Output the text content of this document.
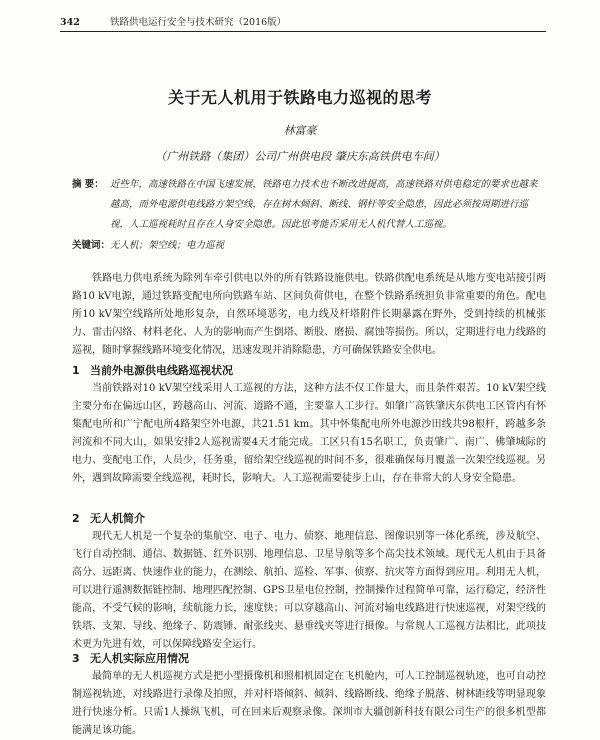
342	铁路供电运行安全与技术研究（2016版）
关于无人机用于铁路电力巡视的思考
林富豪
（广州铁路（集团）公司广州供电段 肇庆东高铁供电车间）
摘 要： 近些年，高速铁路在中国飞速发展，铁路电力技术也不断改进提高，高速铁路对供电稳定的要求也越来越高，而外电源供电线路方架空线，存在树木倾斜、断线、钢杆等安全隐患，因此必须按周期进行巡视，人工巡视耗时且存在人身安全隐患。因此思考能否采用无人机代替人工巡视。
关键词：无人机；架空线；电力巡视
铁路电力供电系统为除列车牵引供电以外的所有铁路设施供电。铁路供配电系统是从地方变电站接引两路10 kV电源，通过铁路变配电所向铁路车站、区间负荷供电，在整个铁路系统担负非常重要的角色。配电所10 kV架空线路所处地形复杂，自然环境恶劣，电力线及杆塔附件长期暴露在野外，受到持续的机械张力、雷击闪络、材料老化、人为的影响而产生倒塔、断股、磨损、腐蚀等损伤。所以，定期进行电力线路的巡视，随时掌握线路环境变化情况，迅速发现并消除隐患，方可确保铁路安全供电。
1 当前外电源供电线路巡视状况
当前铁路对10 kV架空线采用人工巡视的方法，这种方法不仅工作量大，而且条件艰苦。10 kV架空线主要分布在偏远山区，跨越高山、河流、道路不通，主要靠人工步行。如肇广高铁肇庆东供电工区管内有怀集配电所和广宁配电所4路架空外电源，共21.51 km。其中怀集配电所外电源沙田线共98根杆，跨越多条河流和不同大山，如果安排2人巡视需要4天才能完成。工区只有15名职工，负责肇广、南广、佛肇城际的电力、变配电工作，人员少，任务重，留给架空线巡视的时间不多，很难确保每月覆盖一次架空线巡视。另外，遇到故障需要全线巡视，耗时长，影响大。人工巡视需要徒步上山，存在非常大的人身安全隐患。
2 无人机简介
现代无人机是一个复杂的集航空、电子、电力、侦察、地理信息、图像识别等一体化系统，涉及航空、飞行自动控制、通信、数据链、红外识别、地理信息、卫星导航等多个高尖技术领域。现代无人机由于具备高分、远距离、快速作业的能力，在测绘、航拍、巡检、军事、侦察、抗灾等方面得到应用。利用无人机，可以进行遥测数据链控制、地理匹配控制、GPS卫星电位控制，控制操作过程简单可靠，运行稳定，经济性能高，不受气候的影响，续航能力长，速度快；可以穿越高山、河流对输电线路进行快速巡视，对架空线的铁塔、支架、导线、绝缘子、防震锤、耐张线夹、悬垂线夹等进行摄像。与常规人工巡视方法相比，此项技术更为先进有效，可以保障线路安全运行。
3 无人机实际应用情况
最简单的无人机巡视方式是把小型摄像机和照相机固定在飞机舱内，可人工控制巡视轨迹，也可自动控制巡视轨迹，对线路进行录像及拍照，并对杆塔倾斜、倾斜、线路断线、绝缘子脱落、树林距线等明显现象进行快速分析。只需1人操纵飞机，可在回来后观察录像。深圳市大疆创新科技有限公司生产的很多机型都能满足该功能。
